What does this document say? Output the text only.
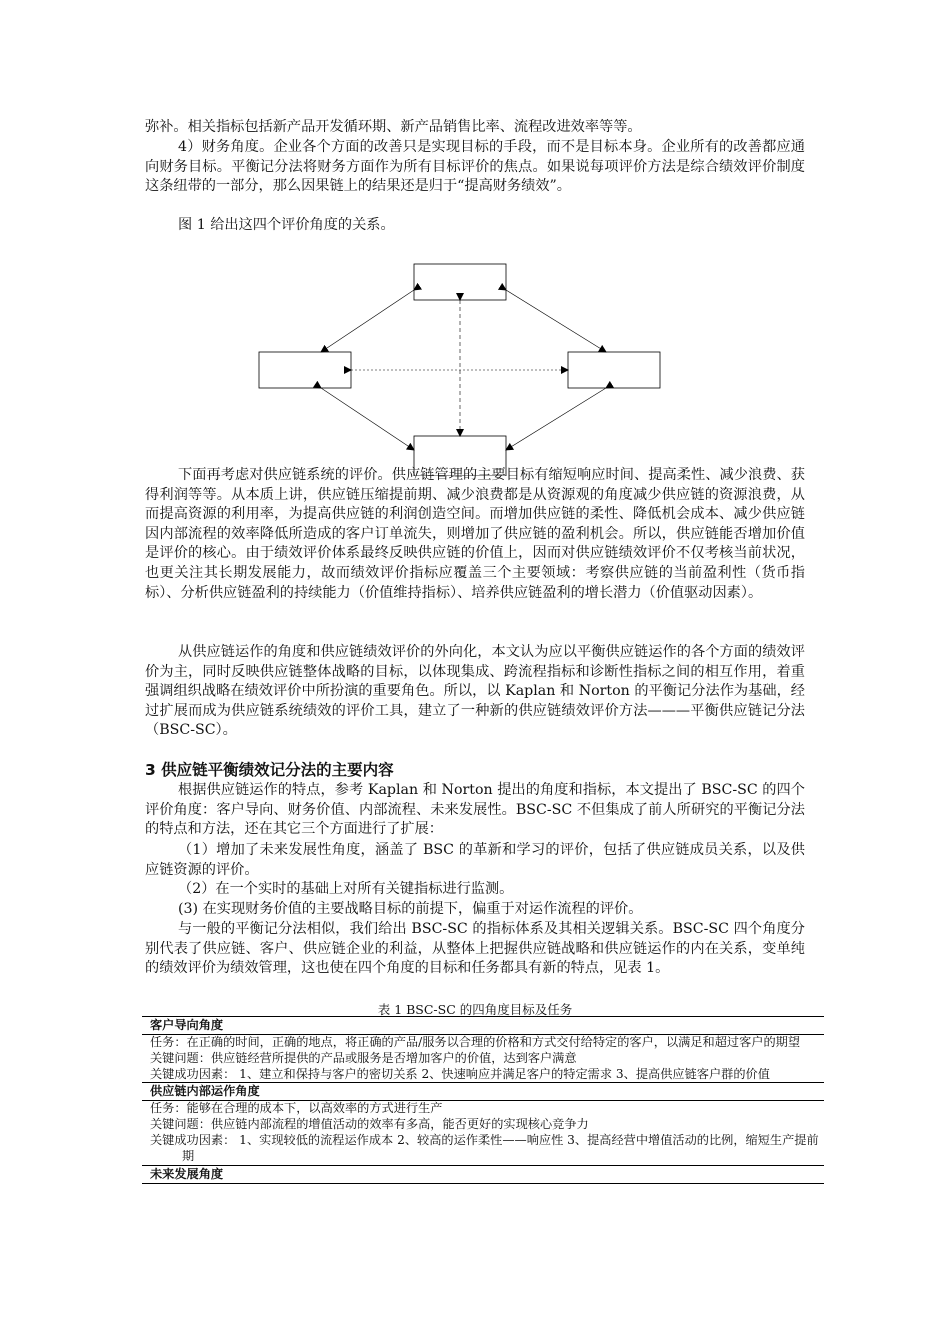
弥补。相关指标包括新产品开发循环期、新产品销售比率、流程改进效率等等。

4）财务角度。企业各个方面的改善只是实现目标的手段，而不是目标本身。企业所有的改善都应通向财务目标。平衡记分法将财务方面作为所有目标评价的焦点。如果说每项评价方法是综合绩效评价制度这条纽带的一部分，那么因果链上的结果还是归于“提高财务绩效”。

图 1 给出这四个评价角度的关系。

下面再考虑对供应链系统的评价。供应链管理的主要目标有缩短响应时间、提高柔性、减少浪费、获得利润等等。从本质上讲，供应链压缩提前期、减少浪费都是从资源观的角度减少供应链的资源浪费，从而提高资源的利用率，为提高供应链的利润创造空间。而增加供应链的柔性、降低机会成本、减少供应链因内部流程的效率降低所造成的客户订单流失，则增加了供应链的盈利机会。所以，供应链能否增加价值是评价的核心。由于绩效评价体系最终反映供应链的价值上，因而对供应链绩效评价不仅考核当前状况，也更关注其长期发展能力，故而绩效评价指标应覆盖三个主要领域：考察供应链的当前盈利性（货币指标）、分析供应链盈利的持续能力（价值维持指标）、培养供应链盈利的增长潜力（价值驱动因素）。

从供应链运作的角度和供应链绩效评价的外向化，本文认为应以平衡供应链运作的各个方面的绩效评价为主，同时反映供应链整体战略的目标，以体现集成、跨流程指标和诊断性指标之间的相互作用，着重强调组织战略在绩效评价中所扮演的重要角色。所以，以 Kaplan 和 Norton 的平衡记分法作为基础，经过扩展而成为供应链系统绩效的评价工具，建立了一种新的供应链绩效评价方法———平衡供应链记分法（BSC-SC）。

3 供应链平衡绩效记分法的主要内容

根据供应链运作的特点，参考 Kaplan 和 Norton 提出的角度和指标，本文提出了 BSC-SC 的四个评价角度：客户导向、财务价值、内部流程、未来发展性。BSC-SC 不但集成了前人所研究的平衡记分法的特点和方法，还在其它三个方面进行了扩展：

（1）增加了未来发展性角度，涵盖了 BSC 的革新和学习的评价，包括了供应链成员关系，以及供应链资源的评价。

（2）在一个实时的基础上对所有关键指标进行监测。

(3) 在实现财务价值的主要战略目标的前提下，偏重于对运作流程的评价。

与一般的平衡记分法相似，我们给出 BSC-SC 的指标体系及其相关逻辑关系。BSC-SC 四个角度分别代表了供应链、客户、供应链企业的利益，从整体上把握供应链战略和供应链运作的内在关系，变单纯的绩效评价为绩效管理，这也使在四个角度的目标和任务都具有新的特点，见表 1。

表 1 BSC-SC 的四角度目标及任务
客户导向角度
任务：在正确的时间，正确的地点，将正确的产品/服务以合理的价格和方式交付给特定的客户，以满足和超过客户的期望
关键问题：供应链经营所提供的产品或服务是否增加客户的价值，达到客户满意
关键成功因素： 1、建立和保持与客户的密切关系 2、快速响应并满足客户的特定需求 3、提高供应链客户群的价值
供应链内部运作角度
任务：能够在合理的成本下，以高效率的方式进行生产
关键问题：供应链内部流程的增值活动的效率有多高，能否更好的实现核心竞争力
关键成功因素： 1、实现较低的流程运作成本 2、较高的运作柔性——响应性 3、提高经营中增值活动的比例，缩短生产提前期
未来发展角度
